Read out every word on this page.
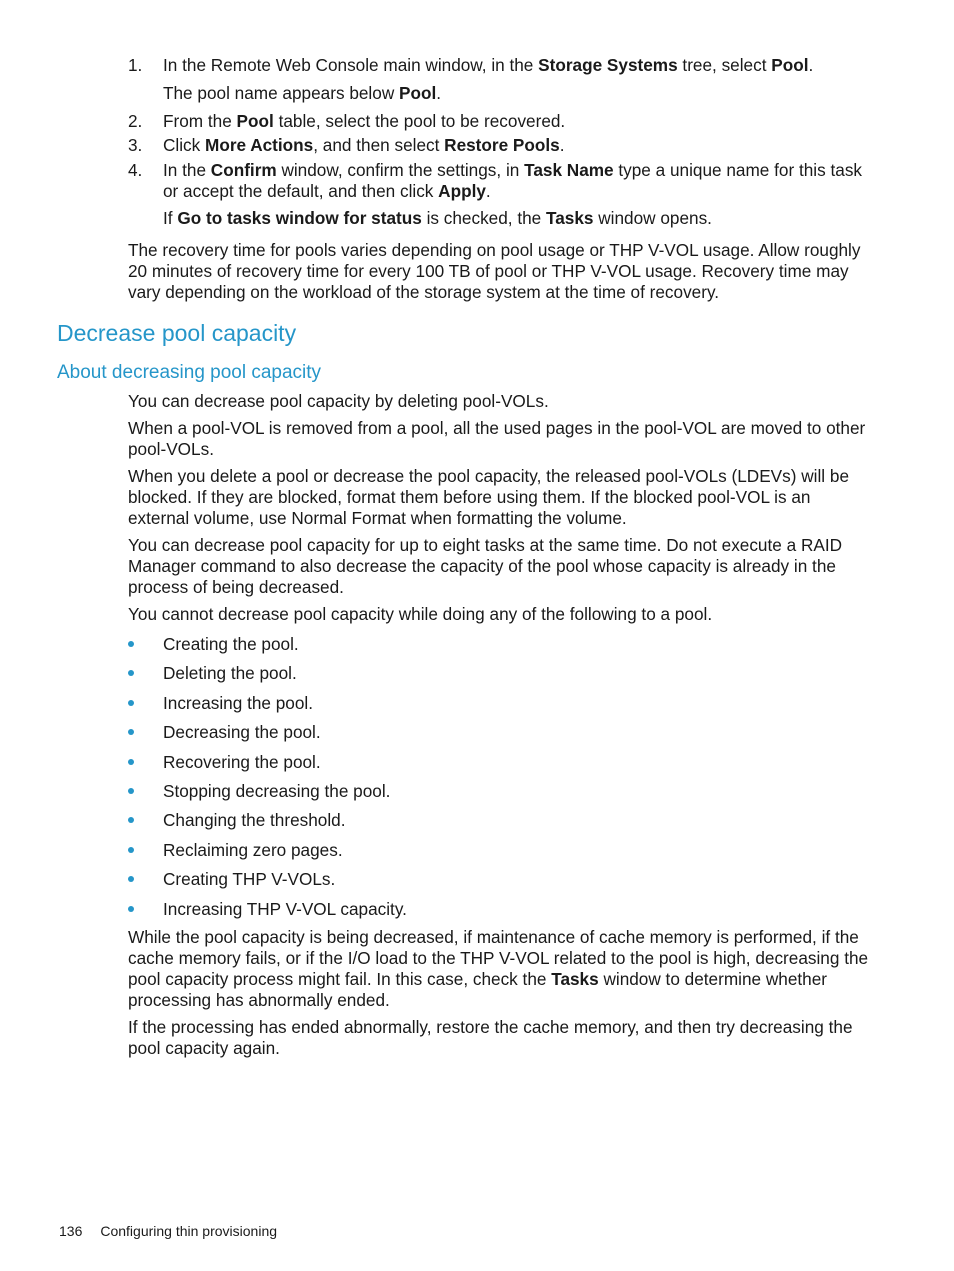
1.	In the Remote Web Console main window, in the Storage Systems tree, select Pool.
The pool name appears below Pool.
2.	From the Pool table, select the pool to be recovered.
3.	Click More Actions, and then select Restore Pools.
4.	In the Confirm window, confirm the settings, in Task Name type a unique name for this task or accept the default, and then click Apply.
If Go to tasks window for status is checked, the Tasks window opens.

The recovery time for pools varies depending on pool usage or THP V-VOL usage. Allow roughly 20 minutes of recovery time for every 100 TB of pool or THP V-VOL usage. Recovery time may vary depending on the workload of the storage system at the time of recovery.

Decrease pool capacity
About decreasing pool capacity

You can decrease pool capacity by deleting pool-VOLs.

When a pool-VOL is removed from a pool, all the used pages in the pool-VOL are moved to other pool-VOLs.

When you delete a pool or decrease the pool capacity, the released pool-VOLs (LDEVs) will be blocked. If they are blocked, format them before using them. If the blocked pool-VOL is an external volume, use Normal Format when formatting the volume.

You can decrease pool capacity for up to eight tasks at the same time. Do not execute a RAID Manager command to also decrease the capacity of the pool whose capacity is already in the process of being decreased.

You cannot decrease pool capacity while doing any of the following to a pool.

Creating the pool.
Deleting the pool.
Increasing the pool.
Decreasing the pool.
Recovering the pool.
Stopping decreasing the pool.
Changing the threshold.
Reclaiming zero pages.
Creating THP V-VOLs.
Increasing THP V-VOL capacity.

While the pool capacity is being decreased, if maintenance of cache memory is performed, if the cache memory fails, or if the I/O load to the THP V-VOL related to the pool is high, decreasing the pool capacity process might fail. In this case, check the Tasks window to determine whether processing has abnormally ended.

If the processing has ended abnormally, restore the cache memory, and then try decreasing the pool capacity again.

136 Configuring thin provisioning
